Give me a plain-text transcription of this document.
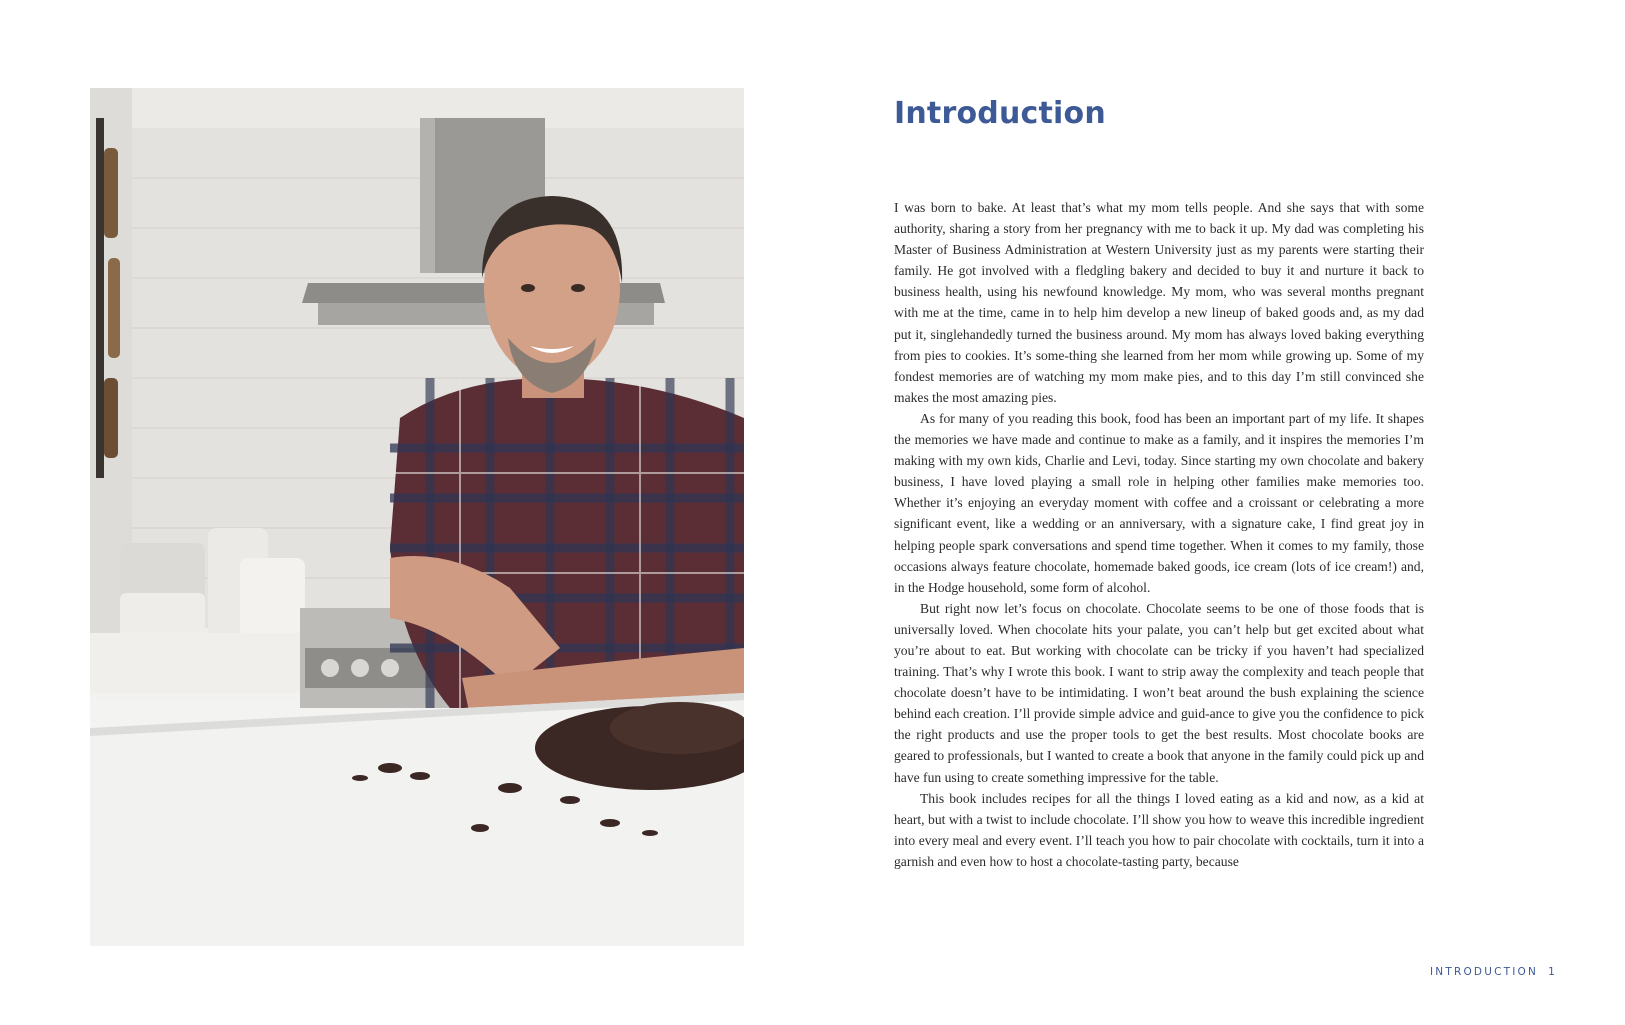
Introduction

I was born to bake. At least that’s what my mom tells people. And she says that with some authority, sharing a story from her pregnancy with me to back it up. My dad was completing his Master of Business Administration at Western University just as my parents were starting their family. He got involved with a fledgling bakery and decided to buy it and nurture it back to business health, using his newfound knowledge. My mom, who was several months pregnant with me at the time, came in to help him develop a new lineup of baked goods and, as my dad put it, singlehandedly turned the business around. My mom has always loved baking everything from pies to cookies. It’s some-thing she learned from her mom while growing up. Some of my fondest memories are of watching my mom make pies, and to this day I’m still convinced she makes the most amazing pies.

As for many of you reading this book, food has been an important part of my life. It shapes the memories we have made and continue to make as a family, and it inspires the memories I’m making with my own kids, Charlie and Levi, today. Since starting my own chocolate and bakery business, I have loved playing a small role in helping other families make memories too. Whether it’s enjoying an everyday moment with coffee and a croissant or celebrating a more significant event, like a wedding or an anniversary, with a signature cake, I find great joy in helping people spark conversations and spend time together. When it comes to my family, those occasions always feature chocolate, homemade baked goods, ice cream (lots of ice cream!) and, in the Hodge household, some form of alcohol.

But right now let’s focus on chocolate. Chocolate seems to be one of those foods that is universally loved. When chocolate hits your palate, you can’t help but get excited about what you’re about to eat. But working with chocolate can be tricky if you haven’t had specialized training. That’s why I wrote this book. I want to strip away the complexity and teach people that chocolate doesn’t have to be intimidating. I won’t beat around the bush explaining the science behind each creation. I’ll provide simple advice and guid-ance to give you the confidence to pick the right products and use the proper tools to get the best results. Most chocolate books are geared to professionals, but I wanted to create a book that anyone in the family could pick up and have fun using to create something impressive for the table.

This book includes recipes for all the things I loved eating as a kid and now, as a kid at heart, but with a twist to include chocolate. I’ll show you how to weave this incredible ingredient into every meal and every event. I’ll teach you how to pair chocolate with cocktails, turn it into a garnish and even how to host a chocolate-tasting party, because

INTRODUCTION 1
